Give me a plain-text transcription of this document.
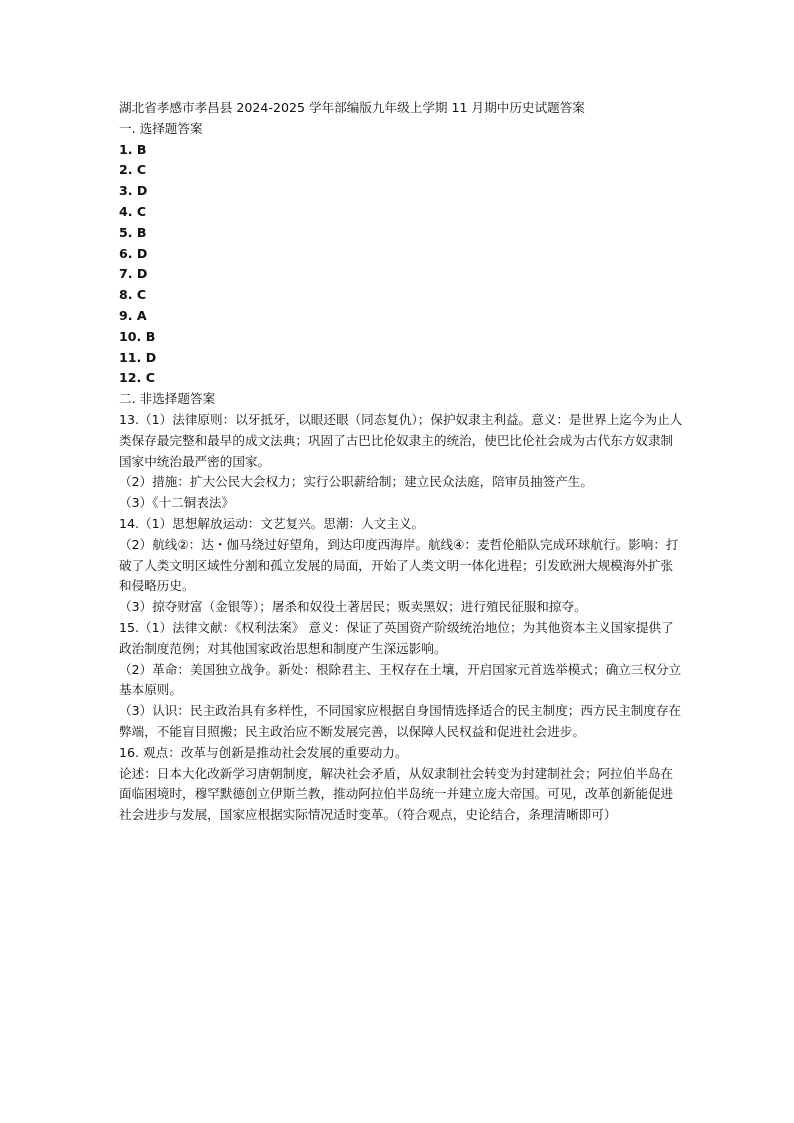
湖北省孝感市孝昌县 2024-2025 学年部编版九年级上学期 11 月期中历史试题答案
一. 选择题答案
1. B
2. C
3. D
4. C
5. B
6. D
7. D
8. C
9. A
10. B
11. D
12. C
二. 非选择题答案
13.（1）法律原则：以牙抵牙，以眼还眼（同态复仇）；保护奴隶主利益。意义：是世界上迄今为止人类保存最完整和最早的成文法典；巩固了古巴比伦奴隶主的统治，使巴比伦社会成为古代东方奴隶制国家中统治最严密的国家。
（2）措施：扩大公民大会权力；实行公职薪给制；建立民众法庭，陪审员抽签产生。
（3）《十二铜表法》
14.（1）思想解放运动：文艺复兴。思潮：人文主义。
（2）航线②：达・伽马绕过好望角，到达印度西海岸。航线④：麦哲伦船队完成环球航行。影响：打破了人类文明区域性分割和孤立发展的局面，开始了人类文明一体化进程；引发欧洲大规模海外扩张和侵略历史。
（3）掠夺财富（金银等）；屠杀和奴役土著居民；贩卖黑奴；进行殖民征服和掠夺。
15.（1）法律文献：《权利法案》 意义：保证了英国资产阶级统治地位；为其他资本主义国家提供了政治制度范例；对其他国家政治思想和制度产生深远影响。
（2）革命：美国独立战争。新处：根除君主、王权存在土壤，开启国家元首选举模式；确立三权分立基本原则。
（3）认识：民主政治具有多样性，不同国家应根据自身国情选择适合的民主制度；西方民主制度存在弊端，不能盲目照搬；民主政治应不断发展完善，以保障人民权益和促进社会进步。
16. 观点：改革与创新是推动社会发展的重要动力。
论述：日本大化改新学习唐朝制度，解决社会矛盾，从奴隶制社会转变为封建制社会；阿拉伯半岛在面临困境时，穆罕默德创立伊斯兰教，推动阿拉伯半岛统一并建立庞大帝国。可见，改革创新能促进社会进步与发展，国家应根据实际情况适时变革。（符合观点，史论结合，条理清晰即可）
